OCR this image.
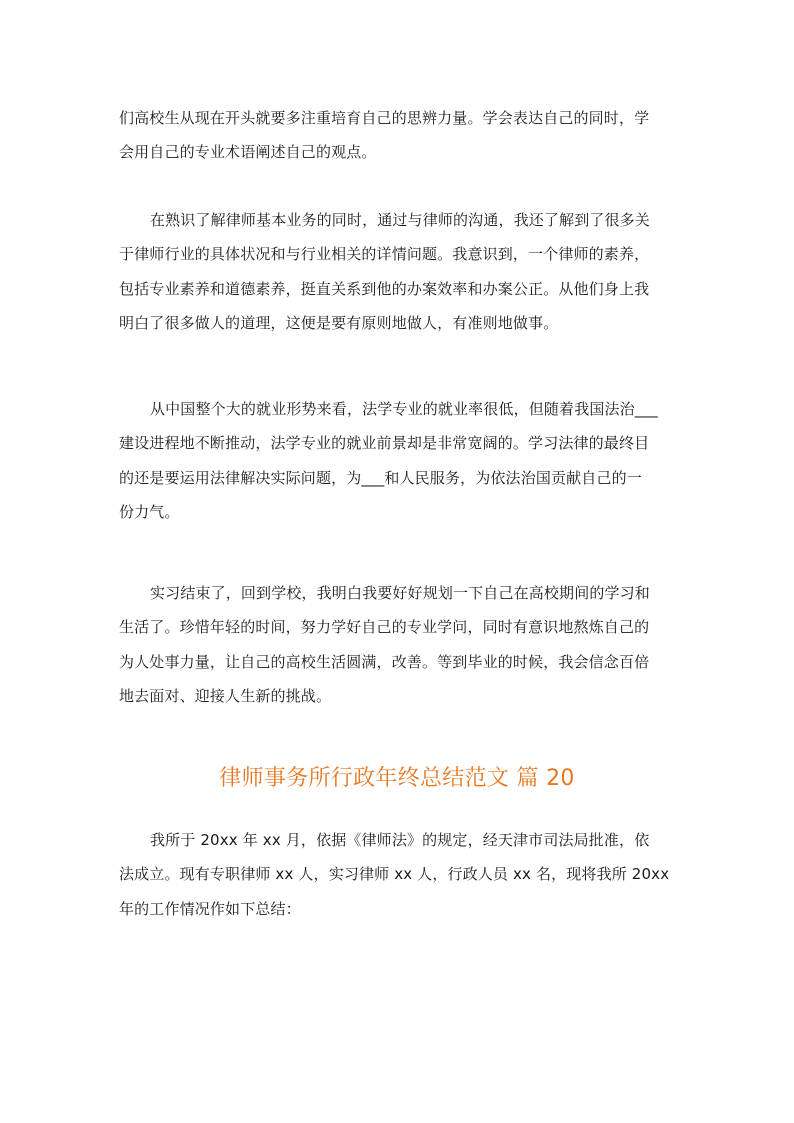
们高校生从现在开头就要多注重培育自己的思辨力量。学会表达自己的同时，学
会用自己的专业术语阐述自己的观点。

在熟识了解律师基本业务的同时，通过与律师的沟通，我还了解到了很多关
于律师行业的具体状况和与行业相关的详情问题。我意识到，一个律师的素养，
包括专业素养和道德素养，挺直关系到他的办案效率和办案公正。从他们身上我
明白了很多做人的道理，这便是要有原则地做人，有准则地做事。

从中国整个大的就业形势来看，法学专业的就业率很低，但随着我国法治___
建设进程地不断推动，法学专业的就业前景却是非常宽阔的。学习法律的最终目
的还是要运用法律解决实际问题，为___和人民服务，为依法治国贡献自己的一
份力气。

实习结束了，回到学校，我明白我要好好规划一下自己在高校期间的学习和
生活了。珍惜年轻的时间，努力学好自己的专业学问，同时有意识地熬炼自己的
为人处事力量，让自己的高校生活圆满，改善。等到毕业的时候，我会信念百倍
地去面对、迎接人生新的挑战。

律师事务所行政年终总结范文 篇 20

我所于 20xx 年 xx 月，依据《律师法》的规定，经天津市司法局批准，依
法成立。现有专职律师 xx 人，实习律师 xx 人，行政人员 xx 名，现将我所 20xx
年的工作情况作如下总结：
